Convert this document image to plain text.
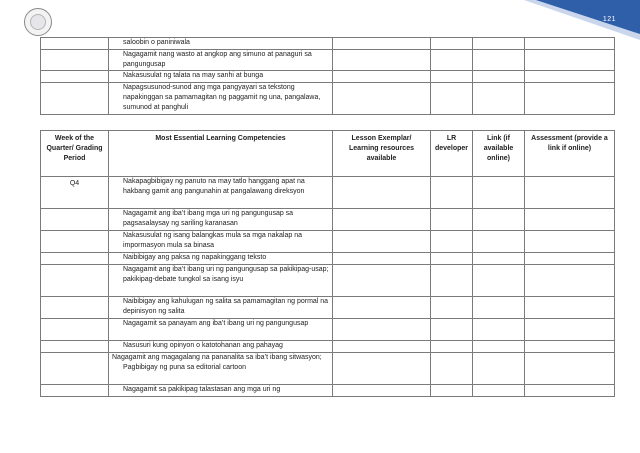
121
	saloobin o paniniwala				
	Nagagamit nang wasto at angkop ang simuno at panaguri sa pangungusap				
	Nakasusulat ng talata na may sanhi at bunga				
	Napagsusunod-sunod ang mga pangyayari sa tekstong napakinggan sa pamamagitan ng paggamit ng una, pangalawa, sumunod at panghuli				
Week of the Quarter/ Grading Period	Most Essential Learning Competencies	Lesson Exemplar/ Learning resources available	LR developer	Link (if available online)	Assessment (provide a link if online)
Q4	Nakapagbibigay ng panuto na may tatlo hanggang apat na hakbang gamit ang pangunahin at pangalawang direksyon				
	Nagagamit ang iba’t ibang mga uri ng pangungusap sa pagsasalaysay ng sariling karanasan				
	Nakasusulat ng isang balangkas mula sa mga nakalap na impormasyon mula sa binasa				
	Naibibigay ang paksa ng napakinggang teksto				
	Nagagamit ang iba’t ibang uri ng pangungusap sa pakikipag-usap; pakikipag-debate tungkol sa isang isyu				
	Naibibigay ang kahulugan ng salita sa pamamagitan ng pormal na depinisyon ng salita				
	Nagagamit sa panayam ang iba’t ibang uri ng pangungusap				
	Nasusuri kung opinyon o katotohanan ang pahayag				

	Nagagamit ang magagalang na pananalita sa iba’t ibang sitwasyon;
Pagbibigay ng puna sa editorial cartoon				

	Nagagamit sa pakikipag talastasan ang mga uri ng				
